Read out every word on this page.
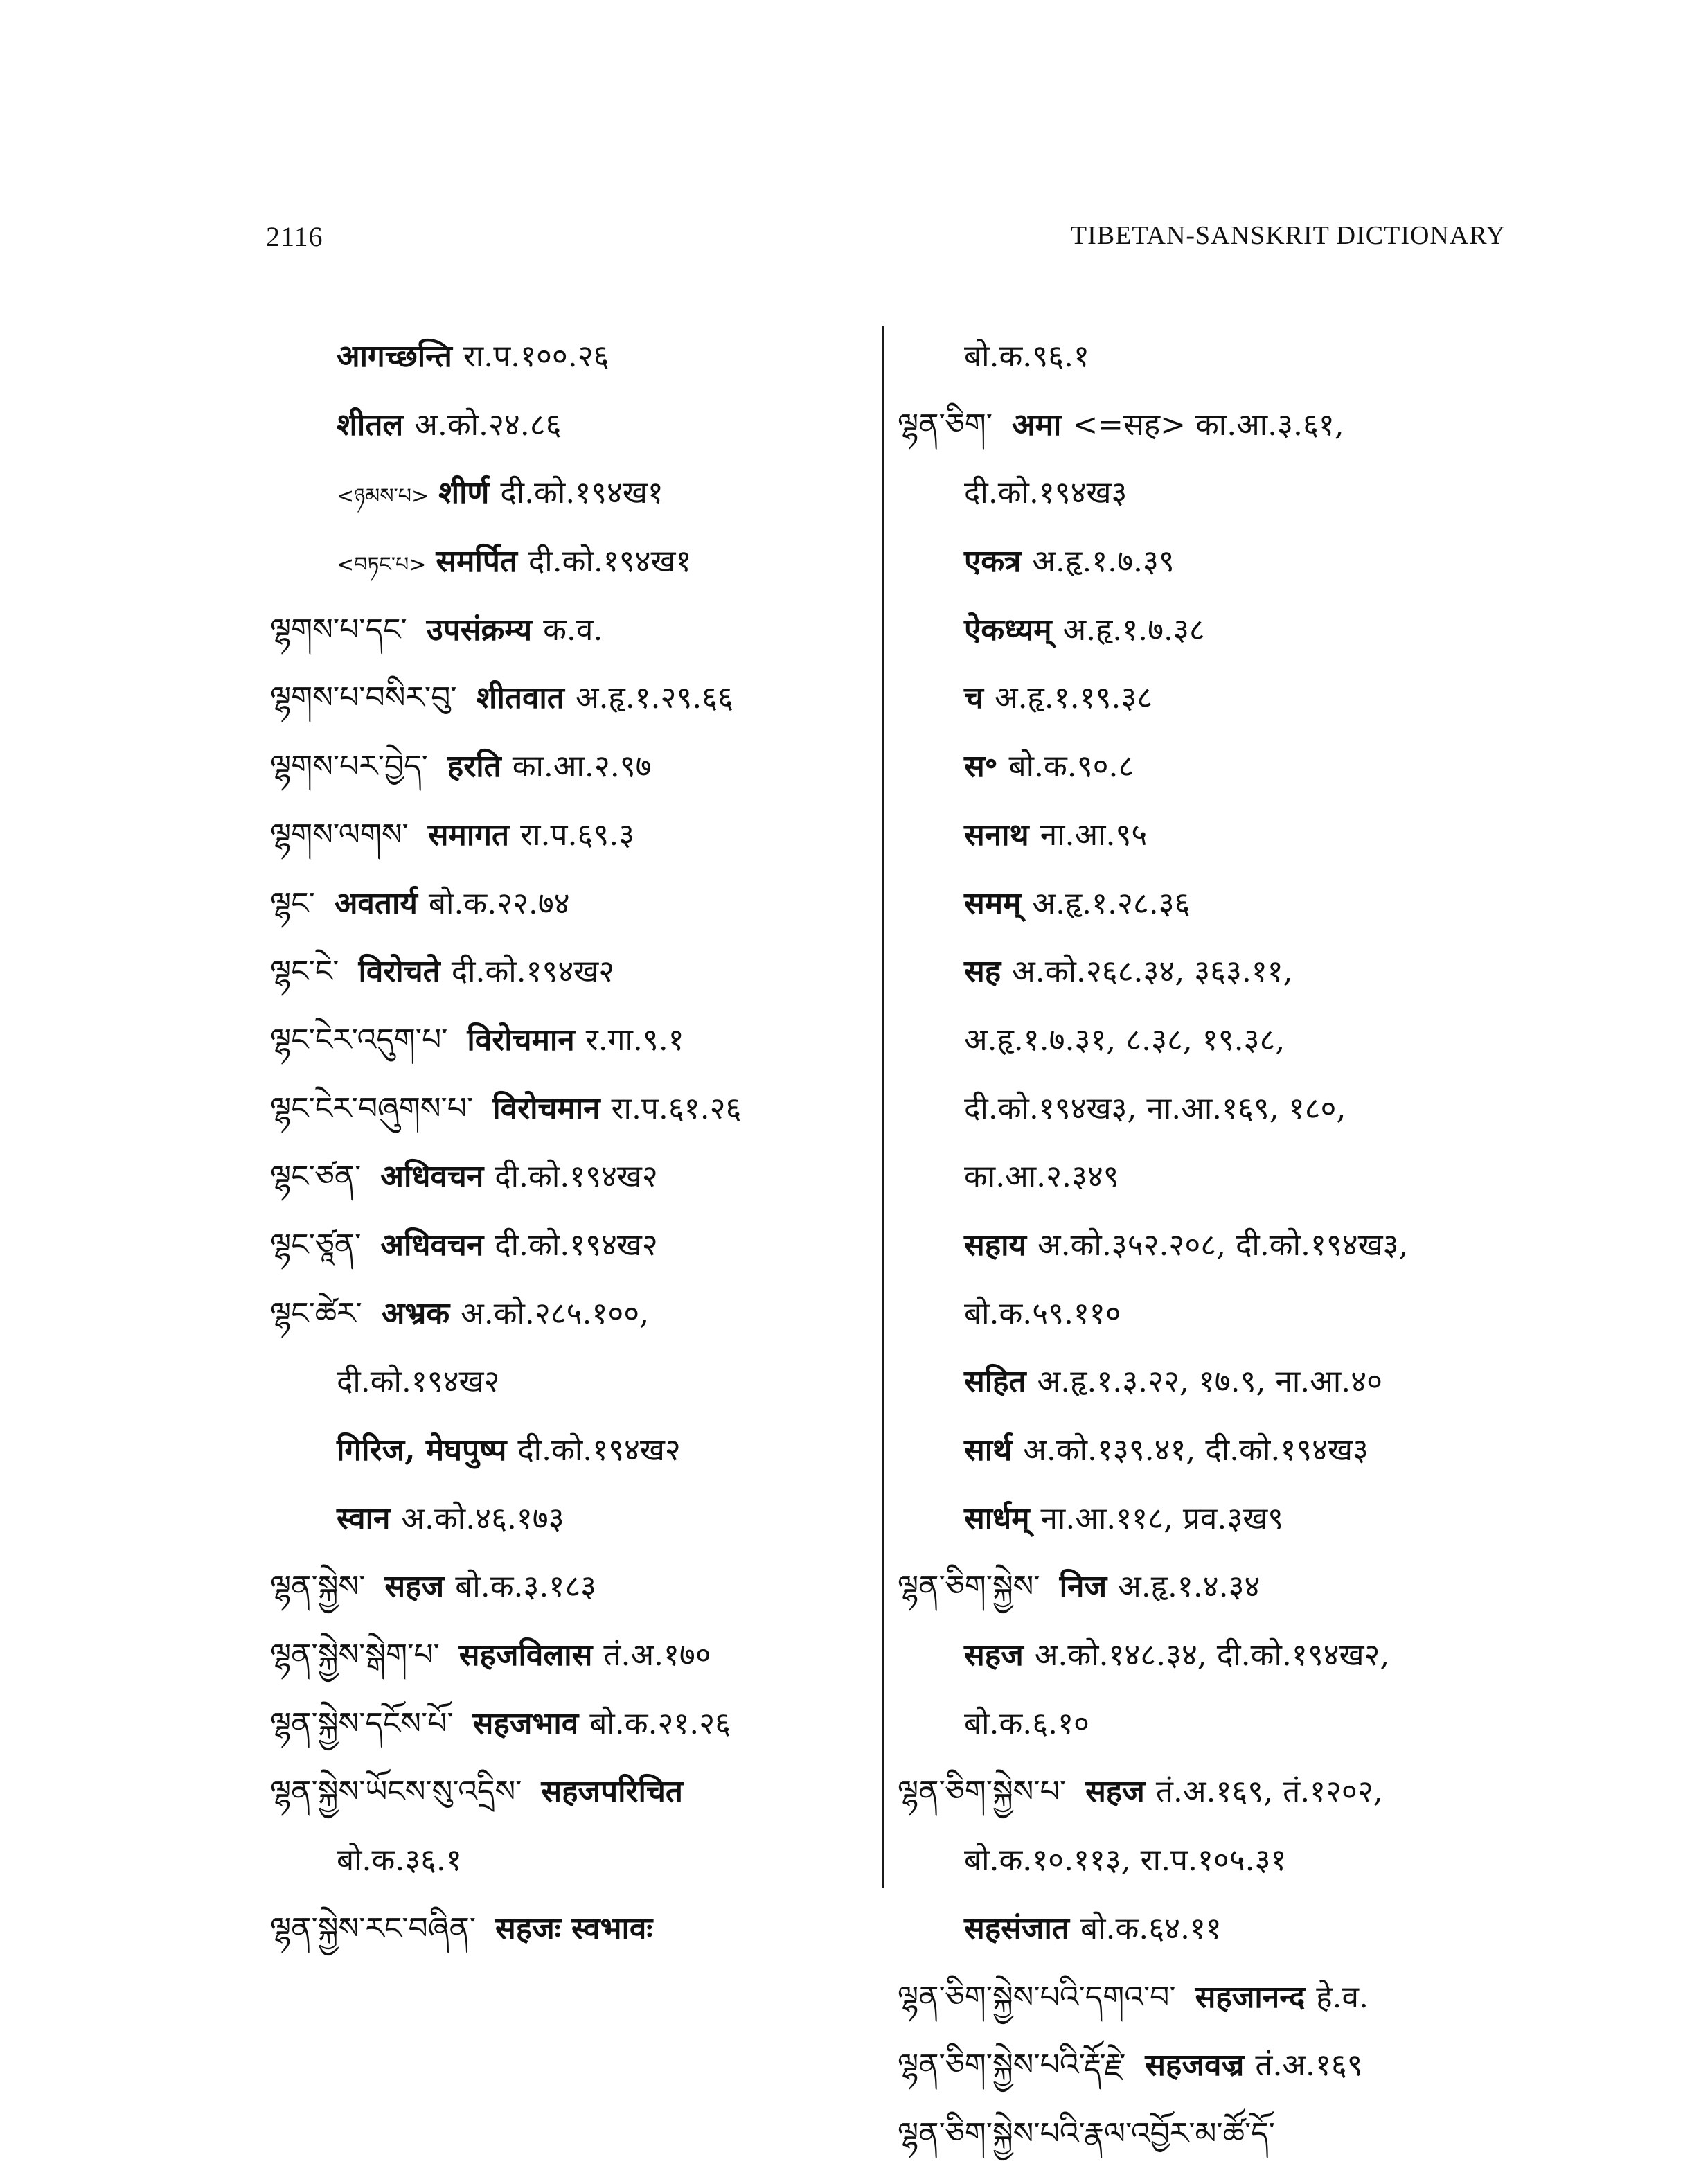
2116	TIBETAN-SANSKRIT DICTIONARY
आगच्छन्ति रा.प.१००.२६
शीतल अ.को.२४.८६
<ཉམས་པ> शीर्ण दी.को.१९४ख१
<བཏང་པ> समर्पित दी.को.१९४ख१
ལྷགས་པ་དང་ उपसंक्रम्य क.व.
ལྷགས་པ་བསིར་བུ་ शीतवात अ.हृ.१.२९.६६
ལྷགས་པར་བྱེད་ हरति का.आ.२.९७
ལྷགས་ལགས་ समागत रा.प.६९.३
ལྷང་ अवतार्य बो.क.२२.७४
ལྷང་ངེ་ विरोचते दी.को.१९४ख२
ལྷང་ངེར་འདུག་པ་ विरोचमान र.गा.९.१
ལྷང་ངེར་བཞུགས་པ་ विरोचमान रा.प.६१.२६
ལྷང་ཙན་ अधिवचन दी.को.१९४ख२
ལྷང་ཙཱན་ अधिवचन दी.को.१९४ख२
ལྷང་ཚེར་ अभ्रक अ.को.२८५.१००,
दी.को.१९४ख२
गिरिज, मेघपुष्प दी.को.१९४ख२
स्वान अ.को.४६.१७३
ལྷན་སྐྱེས་ सहज बो.क.३.१८३
ལྷན་སྐྱེས་སྒེག་པ་ सहजविलास तं.अ.१७०
ལྷན་སྐྱེས་དངོས་པོ་ सहजभाव बो.क.२१.२६
ལྷན་སྐྱེས་ཡོངས་སུ་འདྲིས་ सहजपरिचित
बो.क.३६.१
ལྷན་སྐྱེས་རང་བཞིན་ सहजः स्वभावः
बो.क.९६.१
ལྷན་ཅིག་ अमा <=सह> का.आ.३.६१,
दी.को.१९४ख३
एकत्र अ.हृ.१.७.३९
ऐकध्यम् अ.हृ.१.७.३८
च अ.हृ.१.१९.३८
स॰ बो.क.९०.८
सनाथ ना.आ.९५
समम् अ.हृ.१.२८.३६
सह अ.को.२६८.३४, ३६३.११,
अ.हृ.१.७.३१, ८.३८, १९.३८,
दी.को.१९४ख३, ना.आ.१६९, १८०,
का.आ.२.३४९
सहाय अ.को.३५२.२०८, दी.को.१९४ख३,
बो.क.५९.११०
सहित अ.हृ.१.३.२२, १७.९, ना.आ.४०
सार्थ अ.को.१३९.४१, दी.को.१९४ख३
सार्धम् ना.आ.११८, प्रव.३ख९
ལྷན་ཅིག་སྐྱེས་ निज अ.हृ.१.४.३४
सहज अ.को.१४८.३४, दी.को.१९४ख२,
बो.क.६.१०
ལྷན་ཅིག་སྐྱེས་པ་ सहज तं.अ.१६९, तं.१२०२,
बो.क.१०.११३, रा.प.१०५.३१
सहसंजात बो.क.६४.११
ལྷན་ཅིག་སྐྱེས་པའི་དགའ་བ་ सहजानन्द हे.व.
ལྷན་ཅིག་སྐྱེས་པའི་རྡོ་རྗེ་ सहजवज्र तं.अ.१६९
ལྷན་ཅིག་སྐྱེས་པའི་རྣལ་འབྱོར་མ་ཚོ་དོ་
